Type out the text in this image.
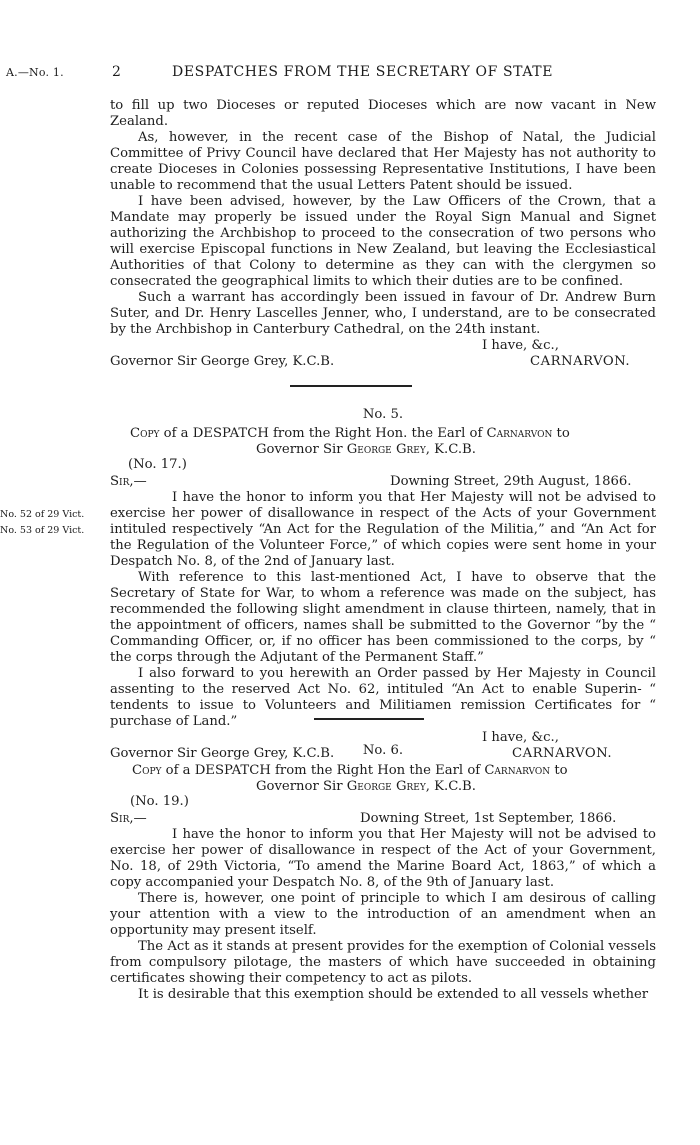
A.—No. 1.	2	DESPATCHES FROM THE SECRETARY OF STATE

to fill up two Dioceses or reputed Dioceses which are now vacant in New Zealand.

As, however, in the recent case of the Bishop of Natal, the Judicial Committee of Privy Council have declared that Her Majesty has not authority to create Dioceses in Colonies possessing Representative Institutions, I have been unable to recommend that the usual Letters Patent should be issued.

I have been advised, however, by the Law Officers of the Crown, that a Mandate may properly be issued under the Royal Sign Manual and Signet authorizing the Archbishop to proceed to the consecration of two persons who will exercise Episcopal functions in New Zealand, but leaving the Ecclesiastical Authorities of that Colony to determine as they can with the clergymen so consecrated the geographical limits to which their duties are to be confined.

Such a warrant has accordingly been issued in favour of Dr. Andrew Burn Suter, and Dr. Henry Lascelles Jenner, who, I understand, are to be consecrated by the Archbishop in Canterbury Cathedral, on the 24th instant.

I have, &c.,

Governor Sir George Grey, K.C.B.	CARNARVON.
No. 5.

Copy of a DESPATCH from the Right Hon. the Earl of Carnarvon to

Governor Sir George Grey, K.C.B.

(No. 17.)
Sir,—	Downing Street, 29th August, 1866.
No. 52 of 29 Vict.
No. 53 of 29 Vict.

I have the honor to inform you that Her Majesty will not be advised to exercise her power of disallowance in respect of the Acts of your Government intituled respectively “An Act for the Regulation of the Militia,” and “An Act for the Regulation of the Volunteer Force,” of which copies were sent home in your Despatch No. 8, of the 2nd of January last.

With reference to this last-mentioned Act, I have to observe that the Secretary of State for War, to whom a reference was made on the subject, has recommended the following slight amendment in clause thirteen, namely, that in the appointment of officers, names shall be submitted to the Governor “by the “ Commanding Officer, or, if no officer has been commissioned to the corps, by “ the corps through the Adjutant of the Permanent Staff.”

I also forward to you herewith an Order passed by Her Majesty in Council assenting to the reserved Act No. 62, intituled “An Act to enable Superin- “ tendents to issue to Volunteers and Militiamen remission Certificates for “ purchase of Land.”

I have, &c.,

Governor Sir George Grey, K.C.B.	CARNARVON.
No. 6.

Copy of a DESPATCH from the Right Hon the Earl of Carnarvon to

Governor Sir George Grey, K.C.B.

(No. 19.)
Sir,—	Downing Street, 1st September, 1866.

I have the honor to inform you that Her Majesty will not be advised to exercise her power of disallowance in respect of the Act of your Government, No. 18, of 29th Victoria, “To amend the Marine Board Act, 1863,” of which a copy accompanied your Despatch No. 8, of the 9th of January last.

There is, however, one point of principle to which I am desirous of calling your attention with a view to the introduction of an amendment when an opportunity may present itself.

The Act as it stands at present provides for the exemption of Colonial vessels from compulsory pilotage, the masters of which have succeeded in obtaining certificates showing their competency to act as pilots.

It is desirable that this exemption should be extended to all vessels whether
